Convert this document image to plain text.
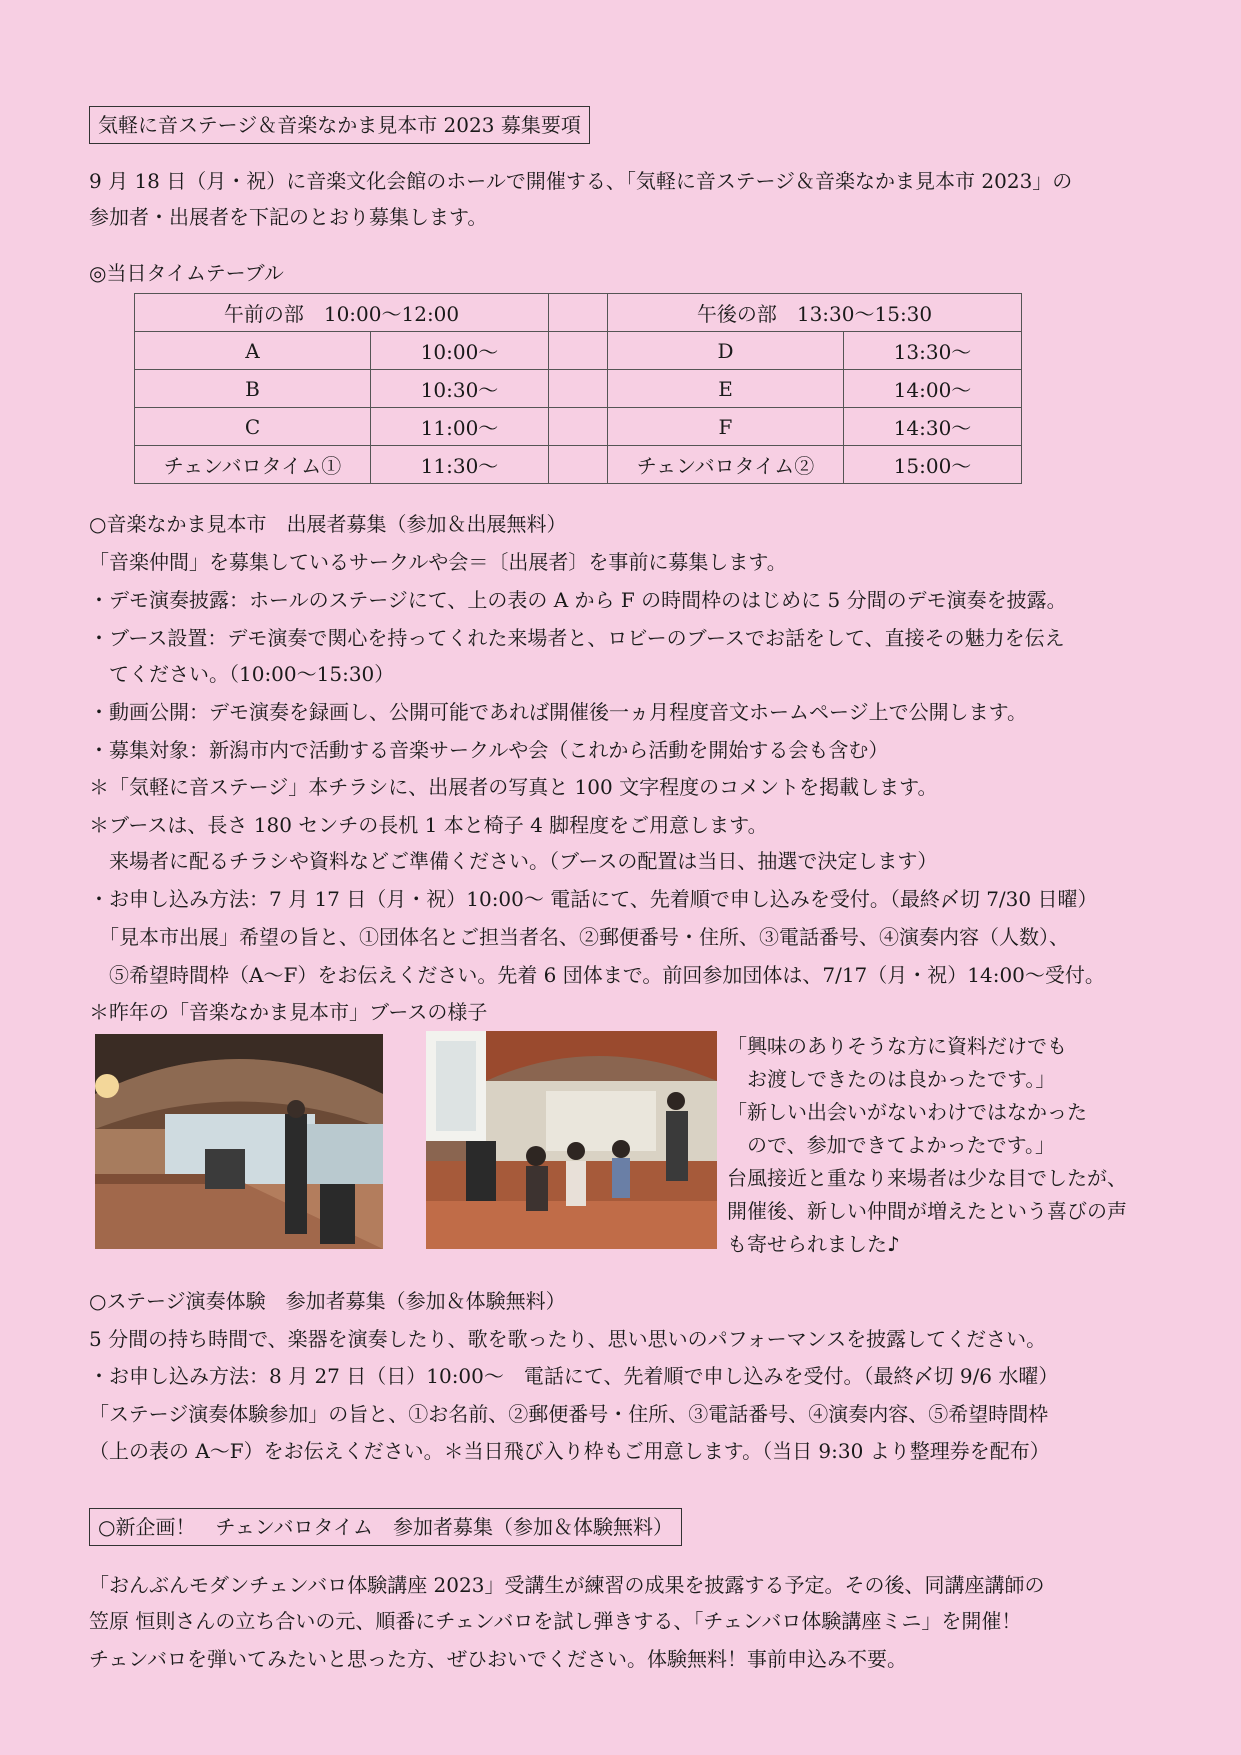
気軽に音ステージ＆音楽なかま見本市 2023 募集要項
9 月 18 日（月・祝）に音楽文化会館のホールで開催する、「気軽に音ステージ＆音楽なかま見本市 2023」の
参加者・出展者を下記のとおり募集します。
◎当日タイムテーブル
午前の部　10:00～12:00			午後の部　13:30～15:30	
A	10:00～		D	13:30～
B	10:30～		E	14:00～
C	11:00～		F	14:30～
チェンバロタイム①	11:30～		チェンバロタイム②	15:00～
○音楽なかま見本市　出展者募集（参加＆出展無料）
「音楽仲間」を募集しているサークルや会＝〔出展者〕を事前に募集します。
・デモ演奏披露：ホールのステージにて、上の表の A から F の時間枠のはじめに 5 分間のデモ演奏を披露。
・ブース設置：デモ演奏で関心を持ってくれた来場者と、ロビーのブースでお話をして、直接その魅力を伝え
　てください。（10:00～15:30）
・動画公開：デモ演奏を録画し、公開可能であれば開催後一ヵ月程度音文ホームページ上で公開します。
・募集対象：新潟市内で活動する音楽サークルや会（これから活動を開始する会も含む）
＊「気軽に音ステージ」本チラシに、出展者の写真と 100 文字程度のコメントを掲載します。
＊ブースは、長さ 180 センチの長机 1 本と椅子 4 脚程度をご用意します。
　来場者に配るチラシや資料などご準備ください。（ブースの配置は当日、抽選で決定します）
・お申し込み方法：7 月 17 日（月・祝）10:00～ 電話にて、先着順で申し込みを受付。（最終〆切 7/30 日曜）
　「見本市出展」希望の旨と、①団体名とご担当者名、②郵便番号・住所、③電話番号、④演奏内容（人数）、
　⑤希望時間枠（A～F）をお伝えください。先着 6 団体まで。前回参加団体は、7/17（月・祝）14:00～受付。
＊昨年の「音楽なかま見本市」ブースの様子
「興味のありそうな方に資料だけでも
　お渡しできたのは良かったです。」
「新しい出会いがないわけではなかった
　ので、参加できてよかったです。」
台風接近と重なり来場者は少な目でしたが、
開催後、新しい仲間が増えたという喜びの声
も寄せられました♪
○ステージ演奏体験　参加者募集（参加＆体験無料）
5 分間の持ち時間で、楽器を演奏したり、歌を歌ったり、思い思いのパフォーマンスを披露してください。
・お申し込み方法：8 月 27 日（日）10:00～　電話にて、先着順で申し込みを受付。（最終〆切 9/6 水曜）
「ステージ演奏体験参加」の旨と、①お名前、②郵便番号・住所、③電話番号、④演奏内容、⑤希望時間枠
（上の表の A～F）をお伝えください。＊当日飛び入り枠もご用意します。（当日 9:30 より整理券を配布）
○新企画！　チェンバロタイム　参加者募集（参加＆体験無料）
「おんぶんモダンチェンバロ体験講座 2023」受講生が練習の成果を披露する予定。その後、同講座講師の
笠原 恒則さんの立ち合いの元、順番にチェンバロを試し弾きする、「チェンバロ体験講座ミニ」を開催！
チェンバロを弾いてみたいと思った方、ぜひおいでください。体験無料！事前申込み不要。
